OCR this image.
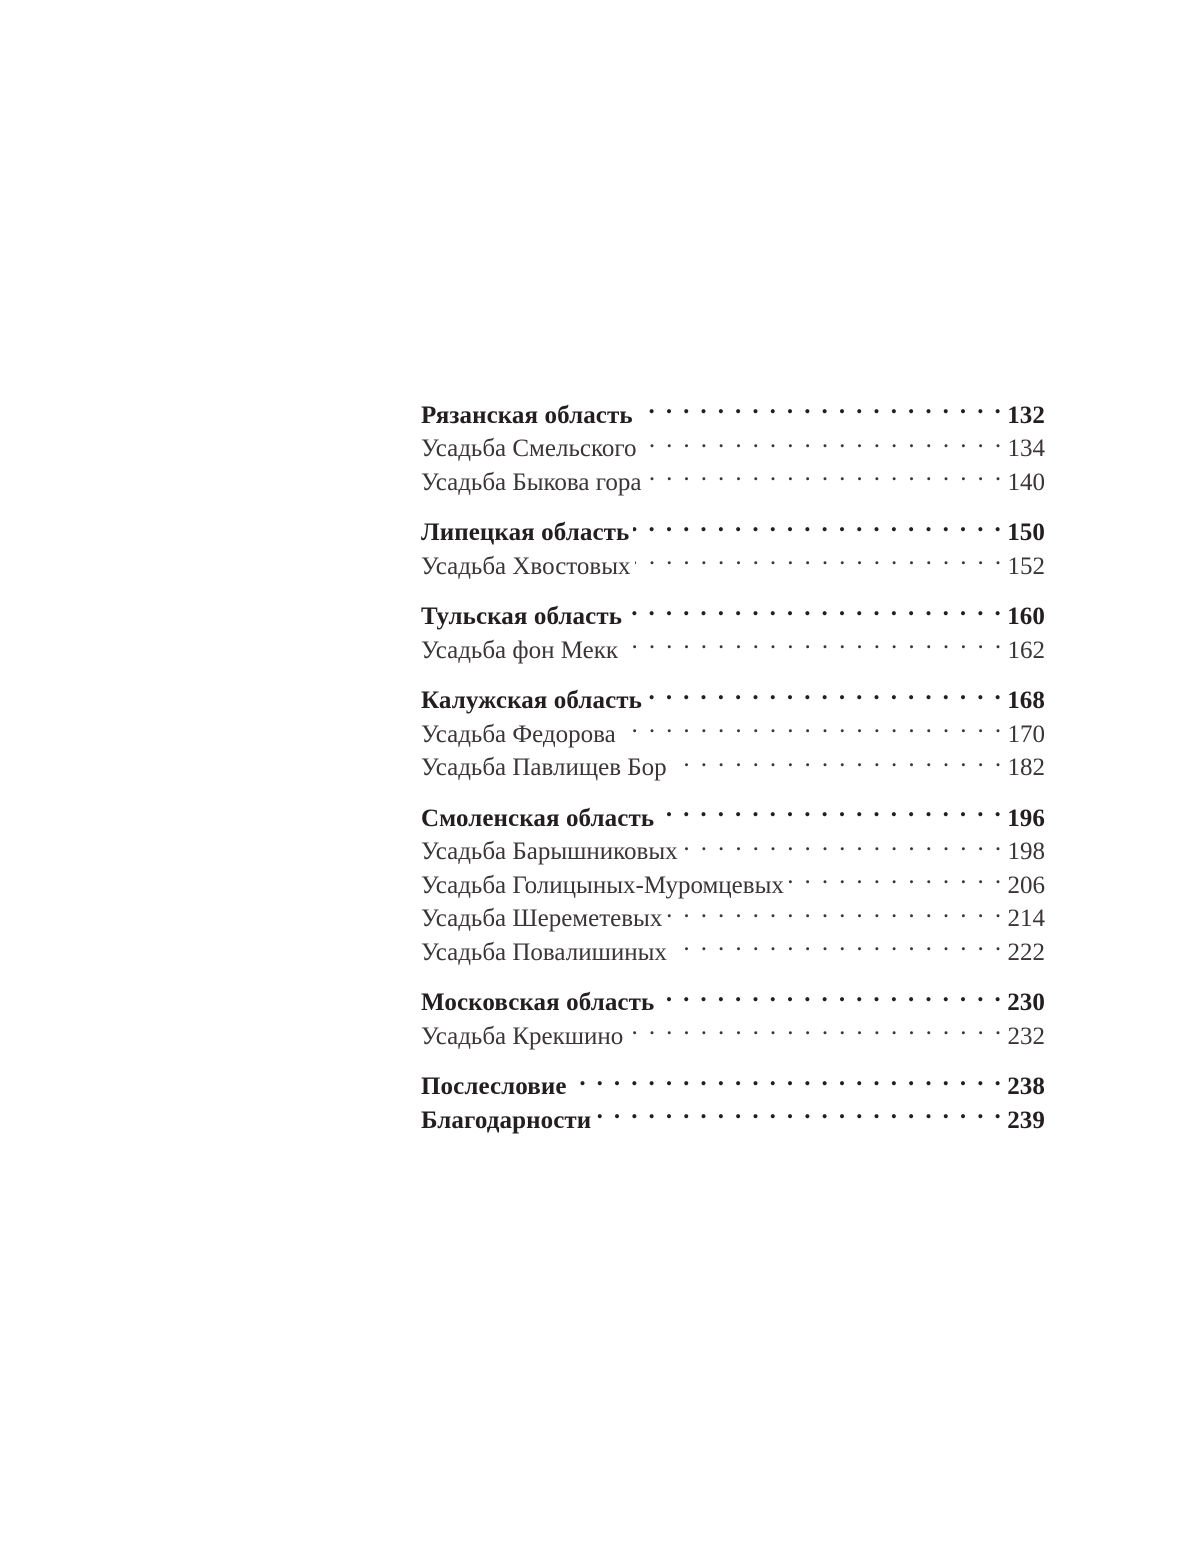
Рязанская область . . .	132
Усадьба Смельского . . .	134
Усадьба Быкова гора . . .	140
Липецкая область . . .	150
Усадьба Хвостовых . . .	152
Тульская область . . .	160
Усадьба фон Мекк . . .	162
Калужская область . . .	168
Усадьба Федорова . . .	170
Усадьба Павлищев Бор . . .	182
Смоленская область . . .	196
Усадьба Барышниковых . . .	198
Усадьба Голицыных-Муромцевых . . .	206
Усадьба Шереметевых . . .	214
Усадьба Повалишиных . . .	222
Московская область . . .	230
Усадьба Крекшино . . .	232
Послесловие . . .	238
Благодарности . . .	239
